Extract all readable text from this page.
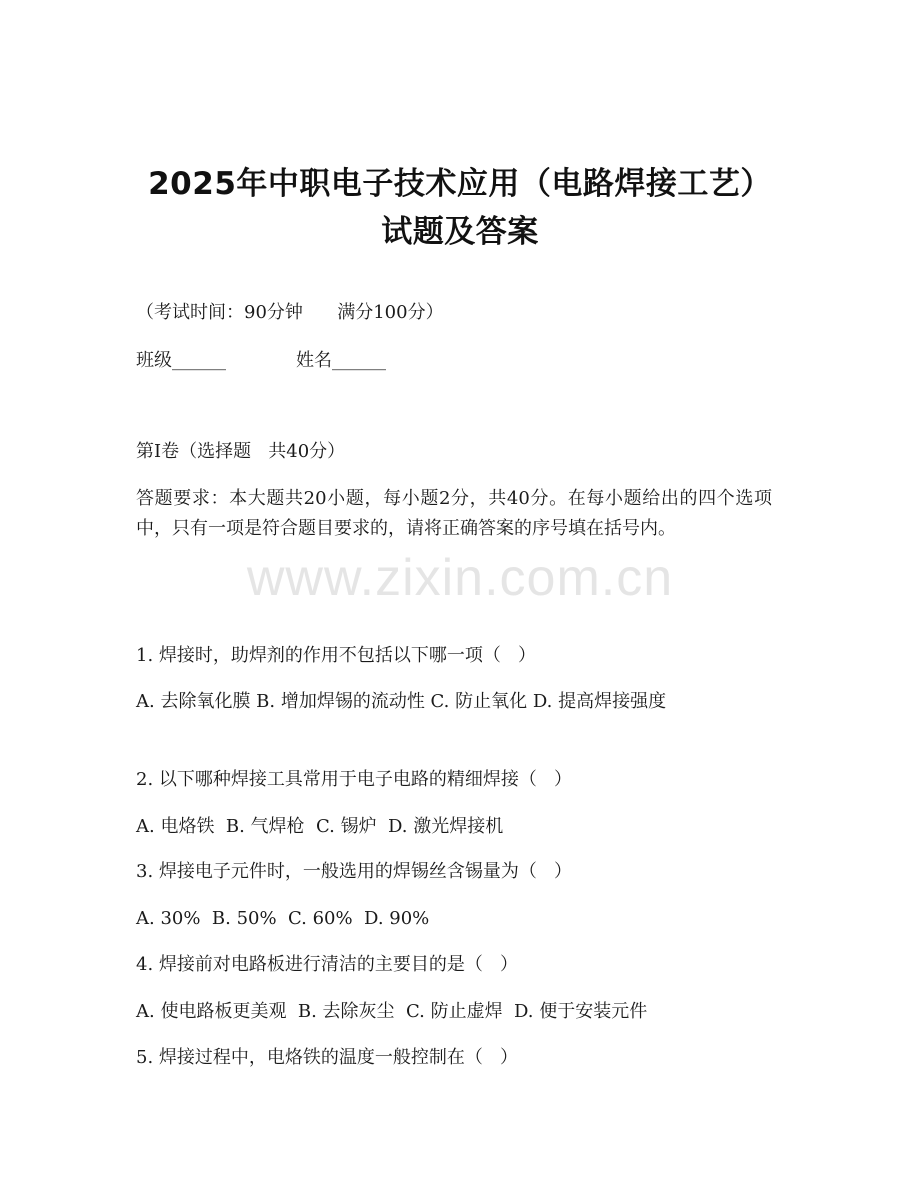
2025年中职电子技术应用（电路焊接工艺）
试题及答案
（考试时间：90分钟      满分100分）
班级______	姓名______
第I卷（选择题   共40分）
答题要求：本大题共20小题，每小题2分，共40分。在每小题给出的四个选项中，只有一项是符合题目要求的，请将正确答案的序号填在括号内。
www.zixin.com.cn
1. 焊接时，助焊剂的作用不包括以下哪一项（   ）
A. 去除氧化膜 B. 增加焊锡的流动性 C. 防止氧化 D. 提高焊接强度
2. 以下哪种焊接工具常用于电子电路的精细焊接（   ）
A. 电烙铁  B. 气焊枪  C. 锡炉  D. 激光焊接机
3. 焊接电子元件时，一般选用的焊锡丝含锡量为（   ）
A. 30%  B. 50%  C. 60%  D. 90%
4. 焊接前对电路板进行清洁的主要目的是（   ）
A. 使电路板更美观  B. 去除灰尘  C. 防止虚焊  D. 便于安装元件
5. 焊接过程中，电烙铁的温度一般控制在（   ）
